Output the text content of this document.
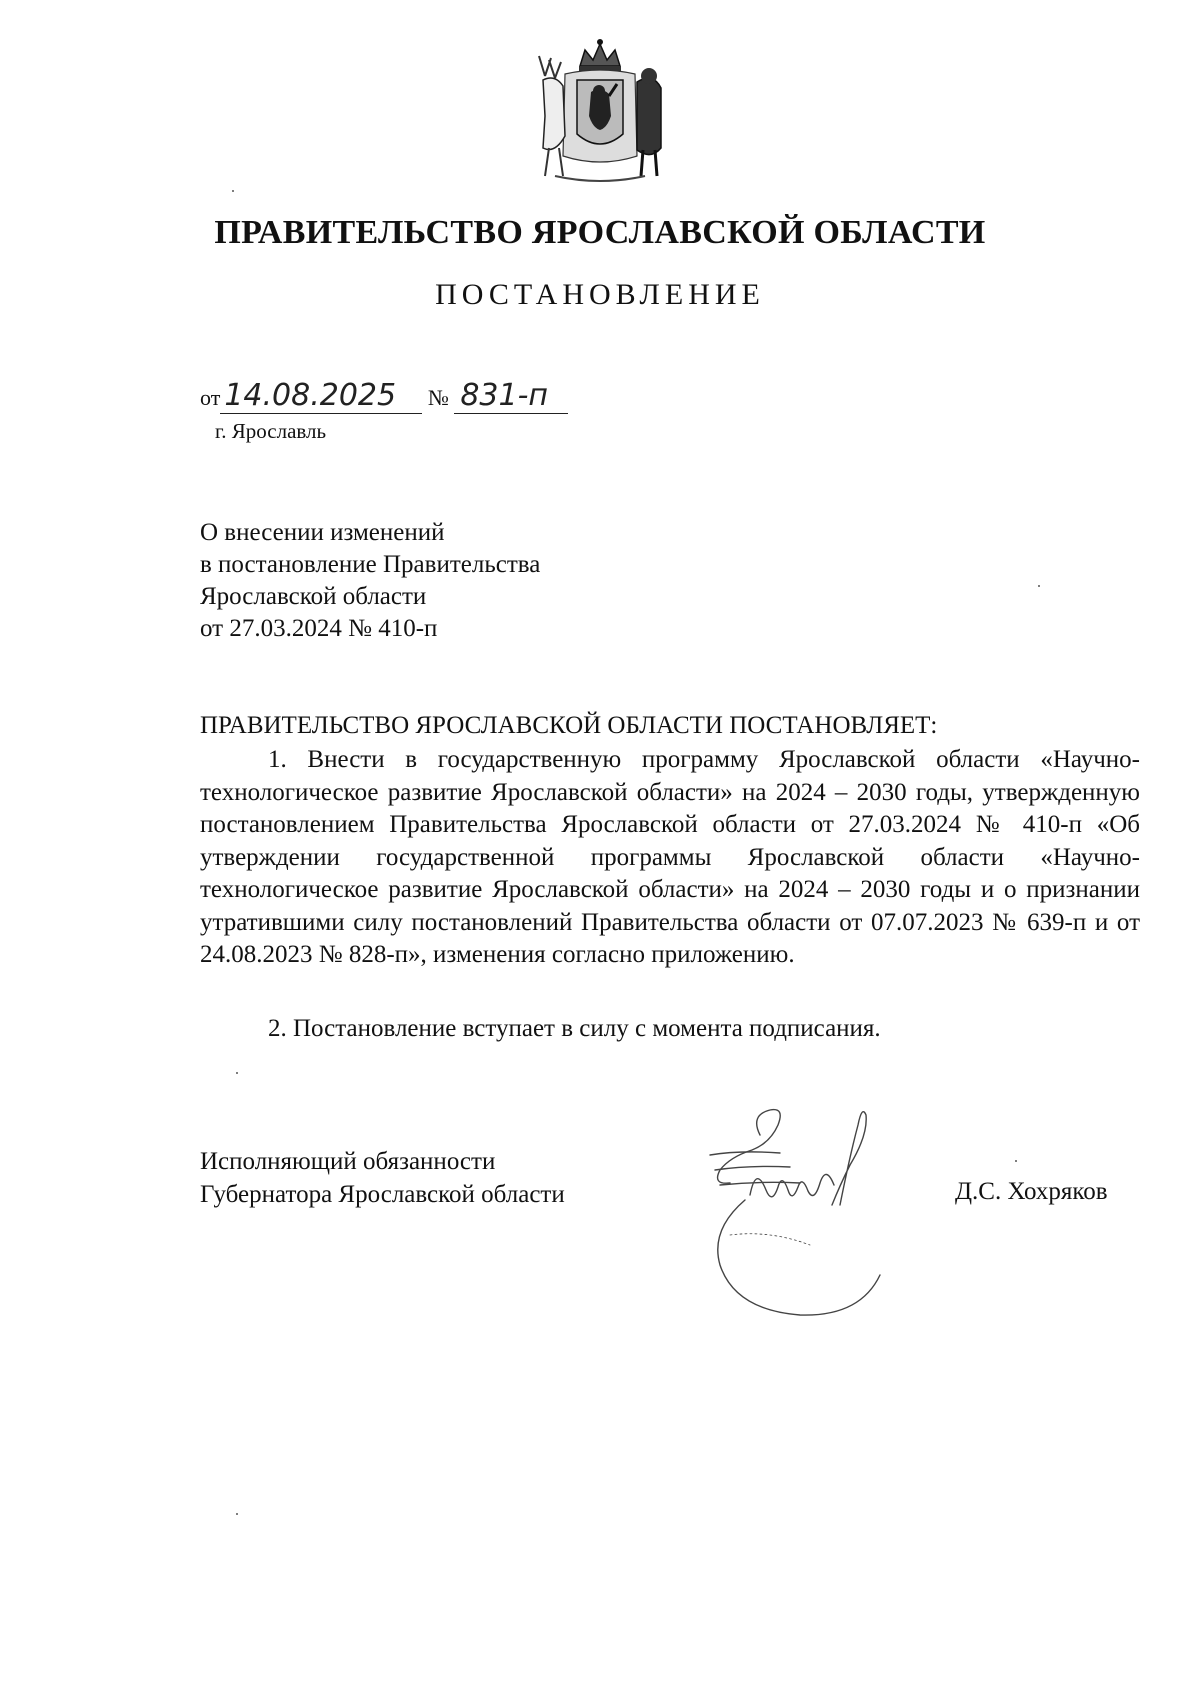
ПРАВИТЕЛЬСТВО ЯРОСЛАВСКОЙ ОБЛАСТИ
ПОСТАНОВЛЕНИЕ
от 14.08.2025 № 831-п
г. Ярославль
О внесении изменений
в постановление Правительства
Ярославской области
от 27.03.2024 № 410-п
ПРАВИТЕЛЬСТВО ЯРОСЛАВСКОЙ ОБЛАСТИ ПОСТАНОВЛЯЕТ:
1. Внести в государственную программу Ярославской области «Научно-технологическое развитие Ярославской области» на 2024 – 2030 годы, утвержденную постановлением Правительства Ярославской области от 27.03.2024 № 410-п «Об утверждении государственной программы Ярославской области «Научно-технологическое развитие Ярославской области» на 2024 – 2030 годы и о признании утратившими силу постановлений Правительства области от 07.07.2023 № 639-п и от 24.08.2023 № 828-п», изменения согласно приложению.
2. Постановление вступает в силу с момента подписания.
Исполняющий обязанности
Губернатора Ярославской области	Д.С. Хохряков
